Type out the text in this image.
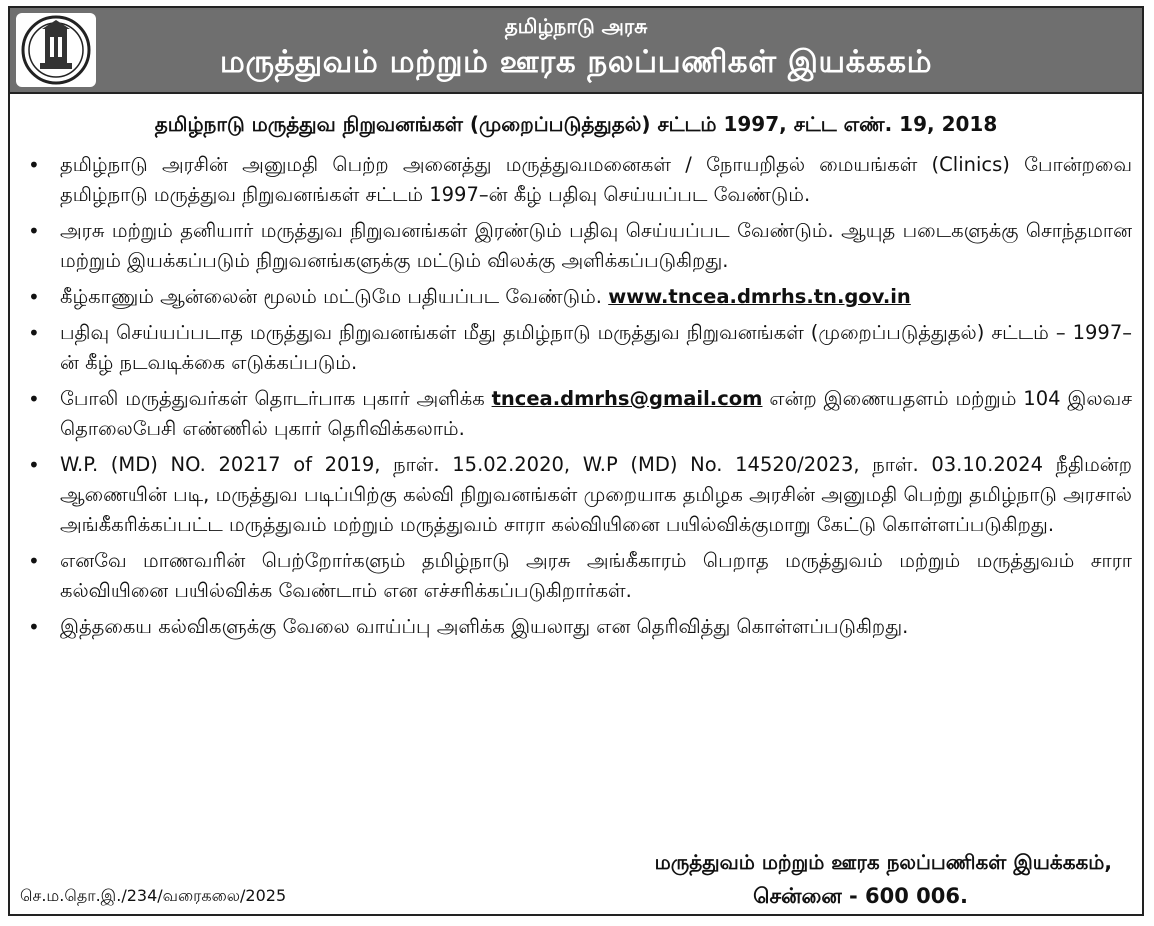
தமிழ்நாடு அரசு
மருத்துவம் மற்றும் ஊரக நலப்பணிகள் இயக்ககம்
தமிழ்நாடு மருத்துவ நிறுவனங்கள் (முறைப்படுத்துதல்) சட்டம் 1997, சட்ட எண். 19, 2018
• தமிழ்நாடு அரசின் அனுமதி பெற்ற அனைத்து மருத்துவமனைகள் / நோயறிதல் மையங்கள் (Clinics) போன்றவை தமிழ்நாடு மருத்துவ நிறுவனங்கள் சட்டம் 1997–ன் கீழ் பதிவு செய்யப்பட வேண்டும்.
• அரசு மற்றும் தனியார் மருத்துவ நிறுவனங்கள் இரண்டும் பதிவு செய்யப்பட வேண்டும். ஆயுத படைகளுக்கு சொந்தமான மற்றும் இயக்கப்படும் நிறுவனங்களுக்கு மட்டும் விலக்கு அளிக்கப்படுகிறது.
• கீழ்காணும் ஆன்லைன் மூலம் மட்டுமே பதியப்பட வேண்டும். www.tncea.dmrhs.tn.gov.in
• பதிவு செய்யப்படாத மருத்துவ நிறுவனங்கள் மீது தமிழ்நாடு மருத்துவ நிறுவனங்கள் (முறைப்படுத்துதல்) சட்டம் – 1997–ன் கீழ் நடவடிக்கை எடுக்கப்படும்.
• போலி மருத்துவர்கள் தொடர்பாக புகார் அளிக்க tncea.dmrhs@gmail.com என்ற இணையதளம் மற்றும் 104 இலவச தொலைபேசி எண்ணில் புகார் தெரிவிக்கலாம்.
• W.P. (MD) NO. 20217 of 2019, நாள். 15.02.2020, W.P (MD) No. 14520/2023, நாள். 03.10.2024 நீதிமன்ற ஆணையின் படி, மருத்துவ படிப்பிற்கு கல்வி நிறுவனங்கள் முறையாக தமிழக அரசின் அனுமதி பெற்று தமிழ்நாடு அரசால் அங்கீகரிக்கப்பட்ட மருத்துவம் மற்றும் மருத்துவம் சாரா கல்வியினை பயில்விக்குமாறு கேட்டு கொள்ளப்படுகிறது.
• எனவே மாணவரின் பெற்றோர்களும் தமிழ்நாடு அரசு அங்கீகாரம் பெறாத மருத்துவம் மற்றும் மருத்துவம் சாரா கல்வியினை பயில்விக்க வேண்டாம் என எச்சரிக்கப்படுகிறார்கள்.
• இத்தகைய கல்விகளுக்கு வேலை வாய்ப்பு அளிக்க இயலாது என தெரிவித்து கொள்ளப்படுகிறது.
மருத்துவம் மற்றும் ஊரக நலப்பணிகள் இயக்ககம்,
சென்னை - 600 006.
செ.ம.தொ.இ./234/வரைகலை/2025
